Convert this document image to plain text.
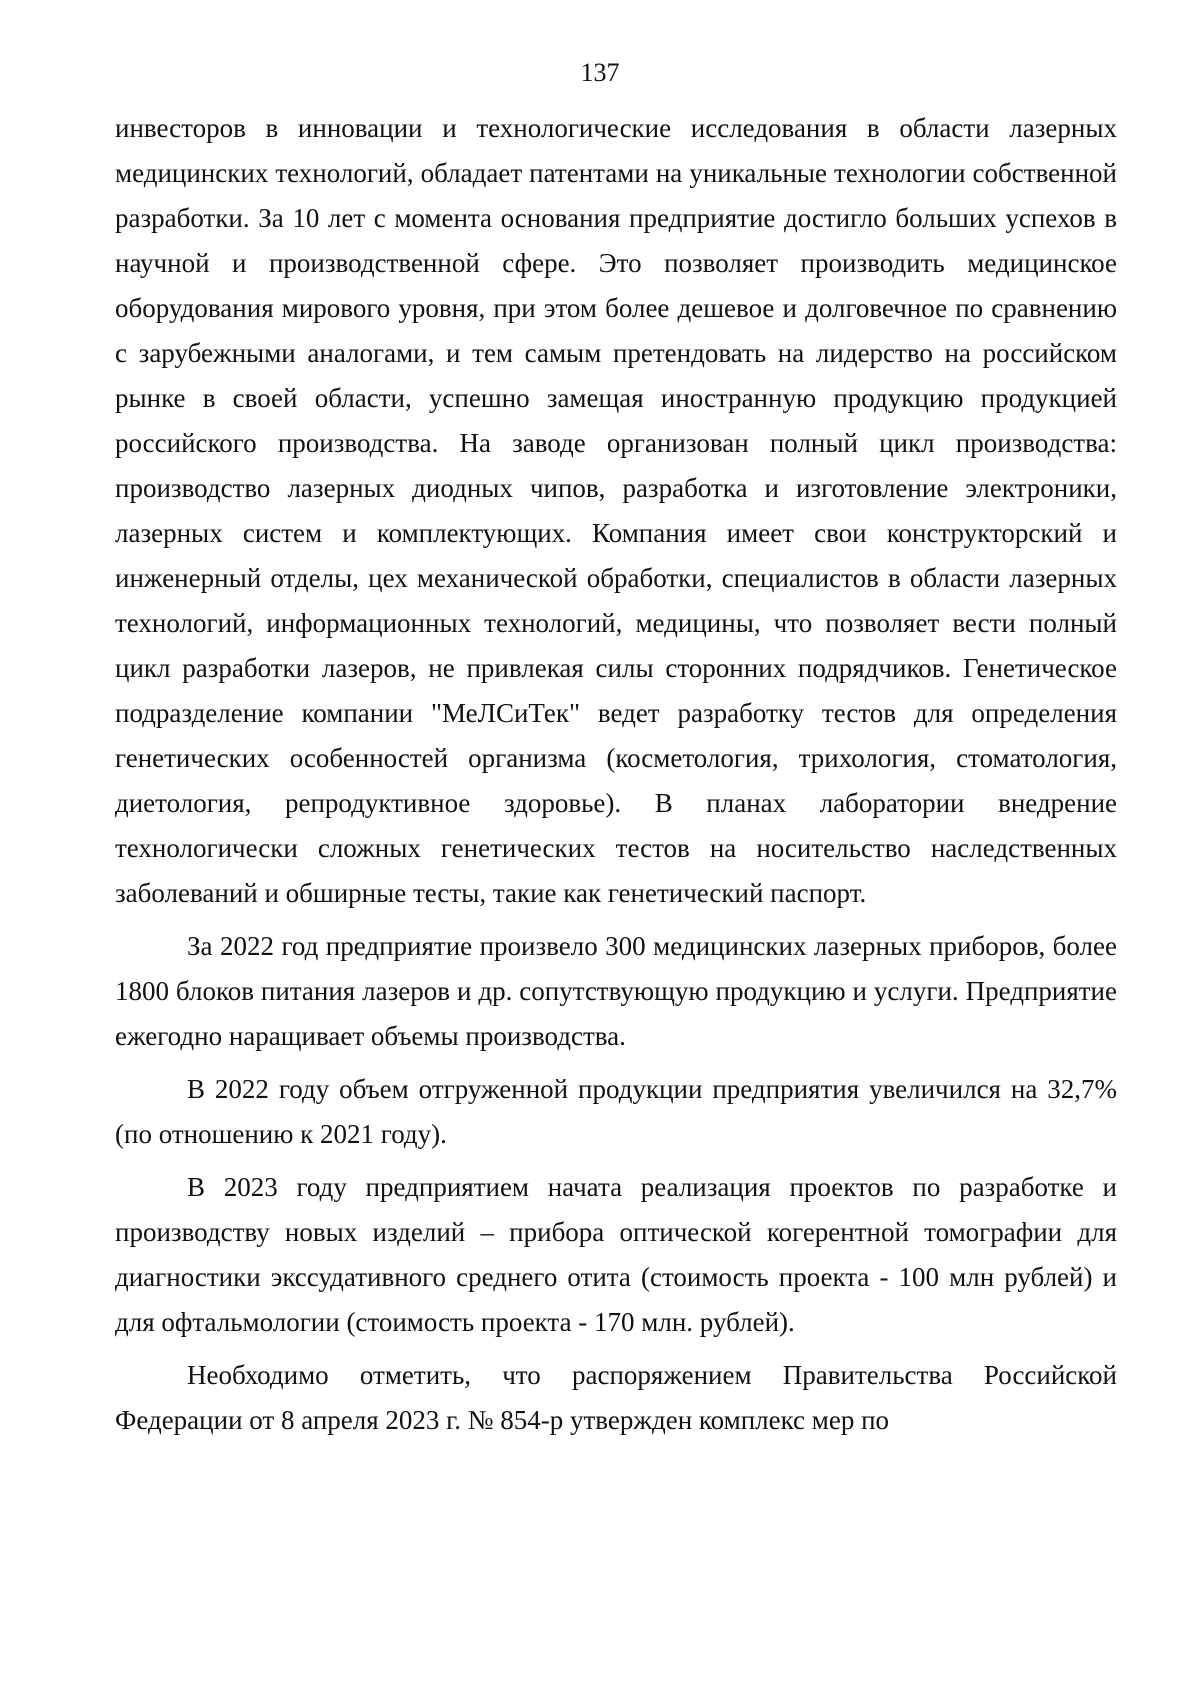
137

инвесторов в инновации и технологические исследования в области лазерных медицинских технологий, обладает патентами на уникальные технологии собственной разработки. За 10 лет с момента основания предприятие достигло больших успехов в научной и производственной сфере. Это позволяет производить медицинское оборудования мирового уровня, при этом более дешевое и долговечное по сравнению с зарубежными аналогами, и тем самым претендовать на лидерство на российском рынке в своей области, успешно замещая иностранную продукцию продукцией российского производства. На заводе организован полный цикл производства: производство лазерных диодных чипов, разработка и изготовление электроники, лазерных систем и комплектующих. Компания имеет свои конструкторский и инженерный отделы, цех механической обработки, специалистов в области лазерных технологий, информационных технологий, медицины, что позволяет вести полный цикл разработки лазеров, не привлекая силы сторонних подрядчиков. Генетическое подразделение компании "МеЛСиТек" ведет разработку тестов для определения генетических особенностей организма (косметология, трихология, стоматология, диетология, репродуктивное здоровье). В планах лаборатории внедрение технологически сложных генетических тестов на носительство наследственных заболеваний и обширные тесты, такие как генетический паспорт.

За 2022 год предприятие произвело 300 медицинских лазерных приборов, более 1800 блоков питания лазеров и др. сопутствующую продукцию и услуги. Предприятие ежегодно наращивает объемы производства.

В 2022 году объем отгруженной продукции предприятия увеличился на 32,7% (по отношению к 2021 году).

В 2023 году предприятием начата реализация проектов по разработке и производству новых изделий – прибора оптической когерентной томографии для диагностики экссудативного среднего отита (стоимость проекта - 100 млн рублей) и для офтальмологии (стоимость проекта - 170 млн. рублей).

Необходимо отметить, что распоряжением Правительства Российской Федерации от 8 апреля 2023 г. № 854-р утвержден комплекс мер по
